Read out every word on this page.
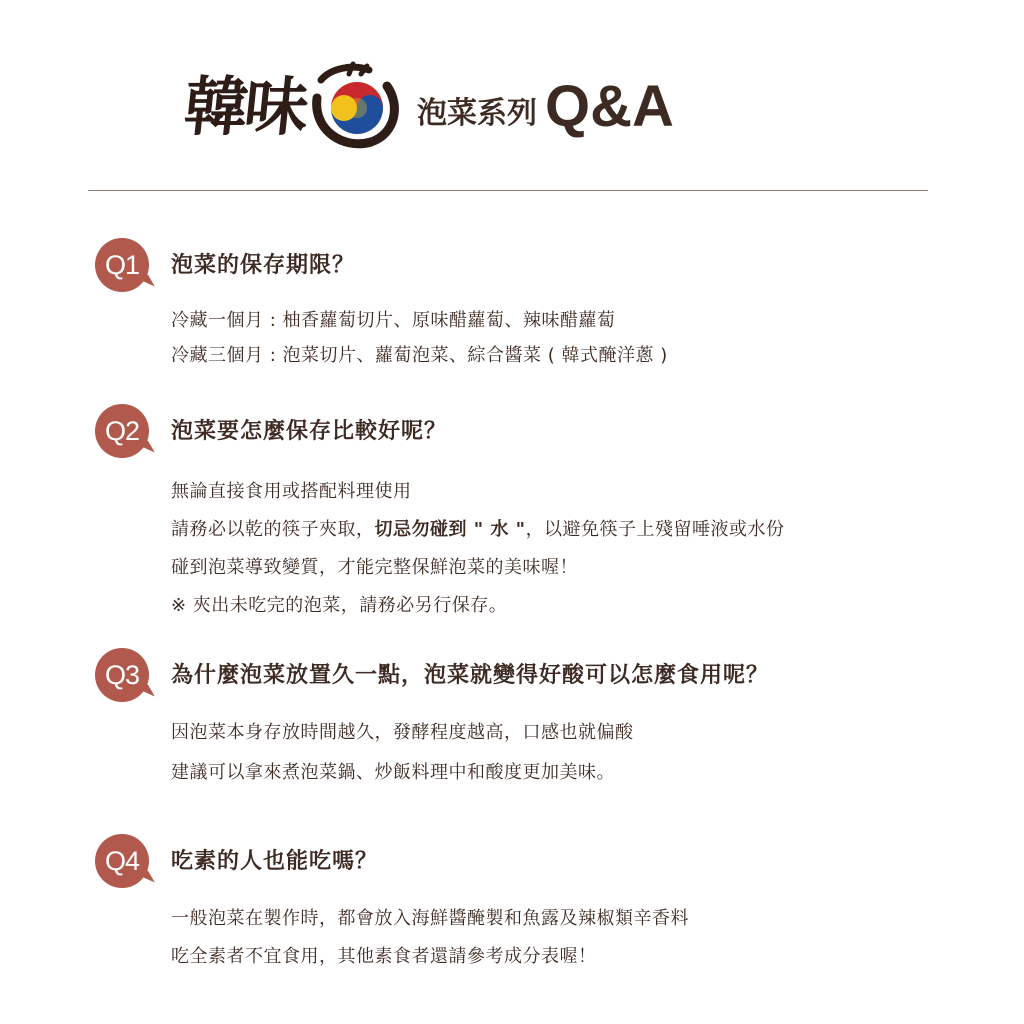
韓味	泡菜系列 Q&A
Q1	泡菜的保存期限？
冷藏一個月 : 柚香蘿蔔切片、原味醋蘿蔔、辣味醋蘿蔔
冷藏三個月 : 泡菜切片、蘿蔔泡菜、綜合醬菜 ( 韓式醃洋蔥 )
Q2	泡菜要怎麼保存比較好呢？
無論直接食用或搭配料理使用
請務必以乾的筷子夾取，切忌勿碰到 " 水 "，以避免筷子上殘留唾液或水份
碰到泡菜導致變質，才能完整保鮮泡菜的美味喔！
※ 夾出未吃完的泡菜，請務必另行保存。
Q3	為什麼泡菜放置久一點，泡菜就變得好酸可以怎麼食用呢？
因泡菜本身存放時間越久，發酵程度越高，口感也就偏酸
建議可以拿來煮泡菜鍋、炒飯料理中和酸度更加美味。
Q4	吃素的人也能吃嗎？
一般泡菜在製作時，都會放入海鮮醬醃製和魚露及辣椒類辛香料
吃全素者不宜食用，其他素食者還請參考成分表喔！
